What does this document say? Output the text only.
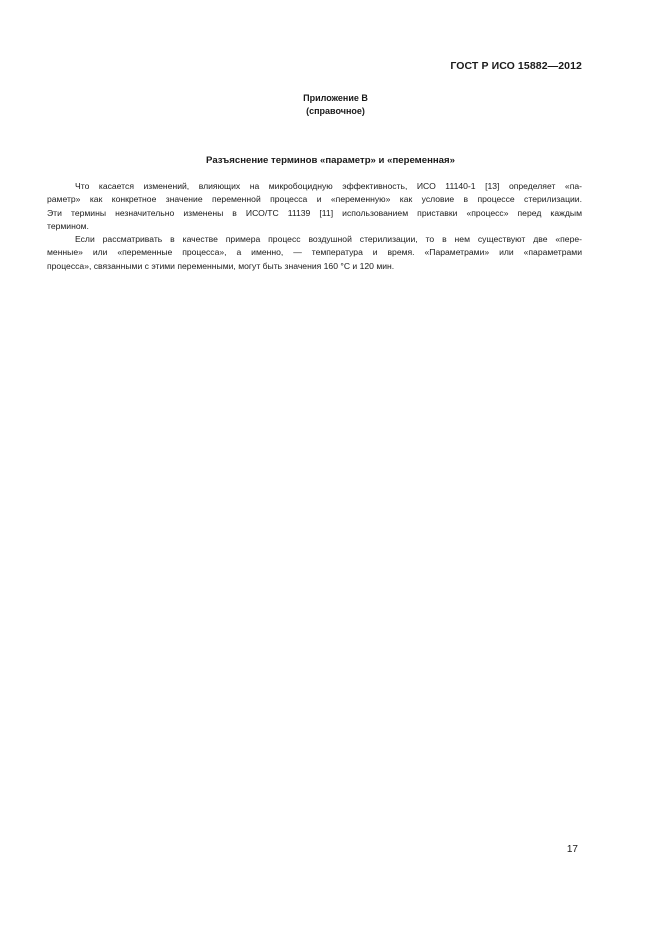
ГОСТ Р ИСО 15882—2012
Приложение В
(справочное)
Разъяснение терминов «параметр» и «переменная»
Что касается изменений, влияющих на микробоцидную эффективность, ИСО 11140-1 [13] определяет «па-
раметр» как конкретное значение переменной процесса и «переменную» как условие в процессе стерилизации.
Эти термины незначительно изменены в ИСО/ТС 11139 [11] использованием приставки «процесс» перед каждым
термином.
Если рассматривать в качестве примера процесс воздушной стерилизации, то в нем существуют две «пере-
менные» или «переменные процесса», а именно, — температура и время. «Параметрами» или «параметрами
процесса», связанными с этими переменными, могут быть значения 160 °С и 120 мин.
17
